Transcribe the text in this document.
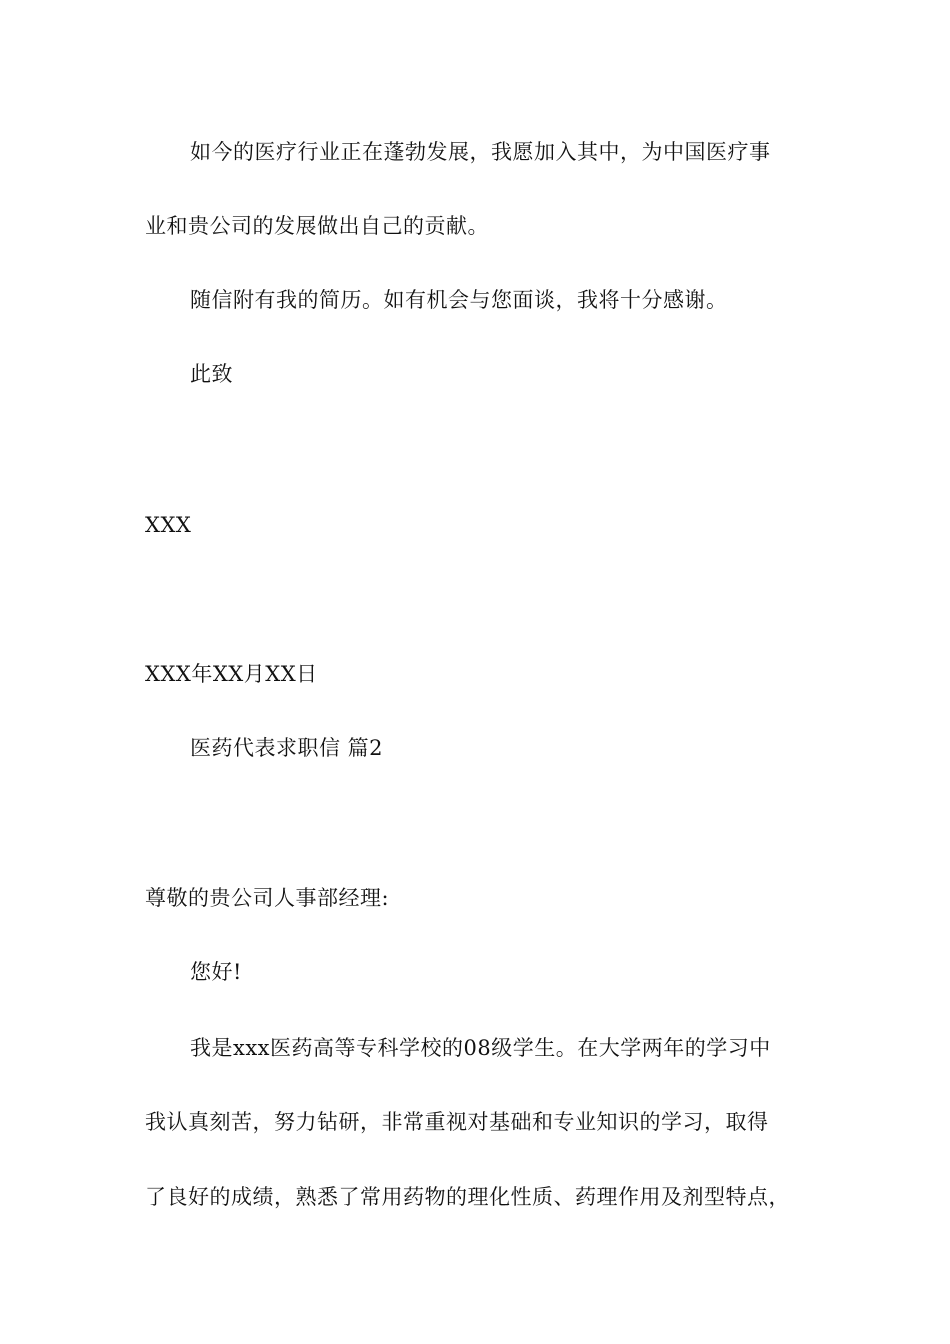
如今的医疗行业正在蓬勃发展，我愿加入其中，为中国医疗事
业和贵公司的发展做出自己的贡献。
随信附有我的简历。如有机会与您面谈，我将十分感谢。
此致
XXX
XXX年XX月XX日
医药代表求职信 篇2
尊敬的贵公司人事部经理:
您好!
我是xxx医药高等专科学校的08级学生。在大学两年的学习中
我认真刻苦，努力钻研，非常重视对基础和专业知识的学习，取得
了良好的成绩，熟悉了常用药物的理化性质、药理作用及剂型特点，
